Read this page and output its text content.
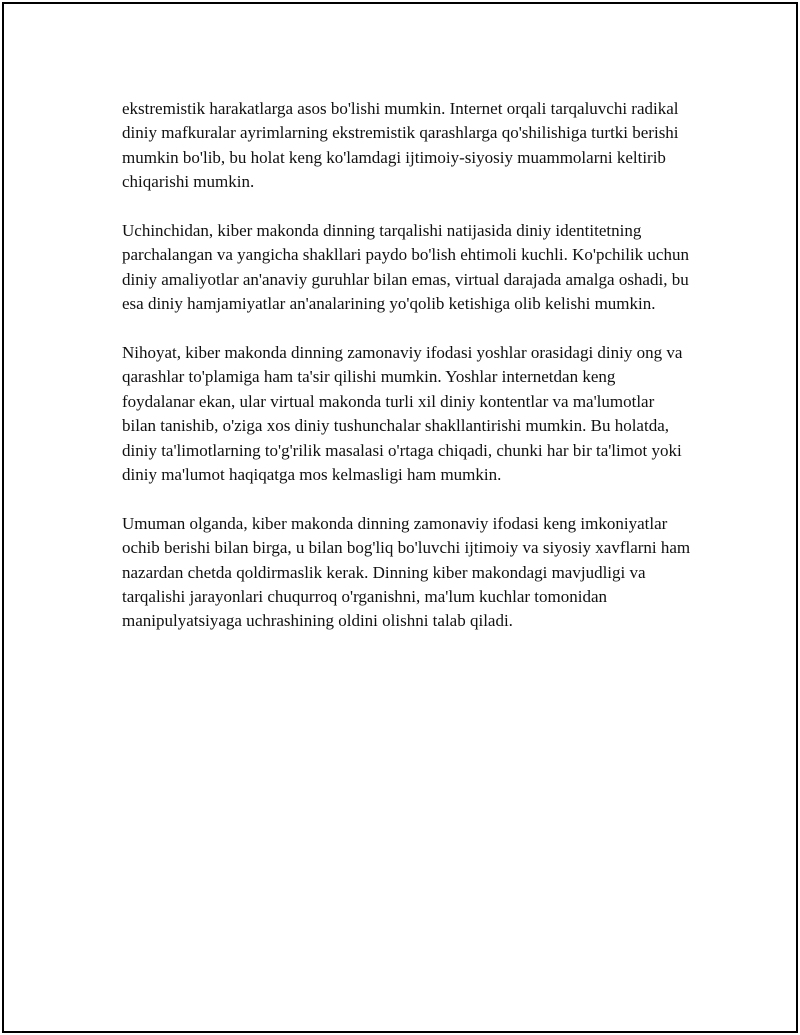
ekstremistik harakatlarga asos bo'lishi mumkin. Internet orqali tarqaluvchi radikal diniy mafkuralar ayrimlarning ekstremistik qarashlarga qo'shilishiga turtki berishi mumkin bo'lib, bu holat keng ko'lamdagi ijtimoiy-siyosiy muammolarni keltirib chiqarishi mumkin.

Uchinchidan, kiber makonda dinning tarqalishi natijasida diniy identitetning parchalangan va yangicha shakllari paydo bo'lish ehtimoli kuchli. Ko'pchilik uchun diniy amaliyotlar an'anaviy guruhlar bilan emas, virtual darajada amalga oshadi, bu esa diniy hamjamiyatlar an'analarining yo'qolib ketishiga olib kelishi mumkin.

Nihoyat, kiber makonda dinning zamonaviy ifodasi yoshlar orasidagi diniy ong va qarashlar to'plamiga ham ta'sir qilishi mumkin. Yoshlar internetdan keng foydalanar ekan, ular virtual makonda turli xil diniy kontentlar va ma'lumotlar bilan tanishib, o'ziga xos diniy tushunchalar shakllantirishi mumkin. Bu holatda, diniy ta'limotlarning to'g'rilik masalasi o'rtaga chiqadi, chunki har bir ta'limot yoki diniy ma'lumot haqiqatga mos kelmasligi ham mumkin.

Umuman olganda, kiber makonda dinning zamonaviy ifodasi keng imkoniyatlar ochib berishi bilan birga, u bilan bog'liq bo'luvchi ijtimoiy va siyosiy xavflarni ham nazardan chetda qoldirmaslik kerak. Dinning kiber makondagi mavjudligi va tarqalishi jarayonlari chuqurroq o'rganishni, ma'lum kuchlar tomonidan manipulyatsiyaga uchrashining oldini olishni talab qiladi.
